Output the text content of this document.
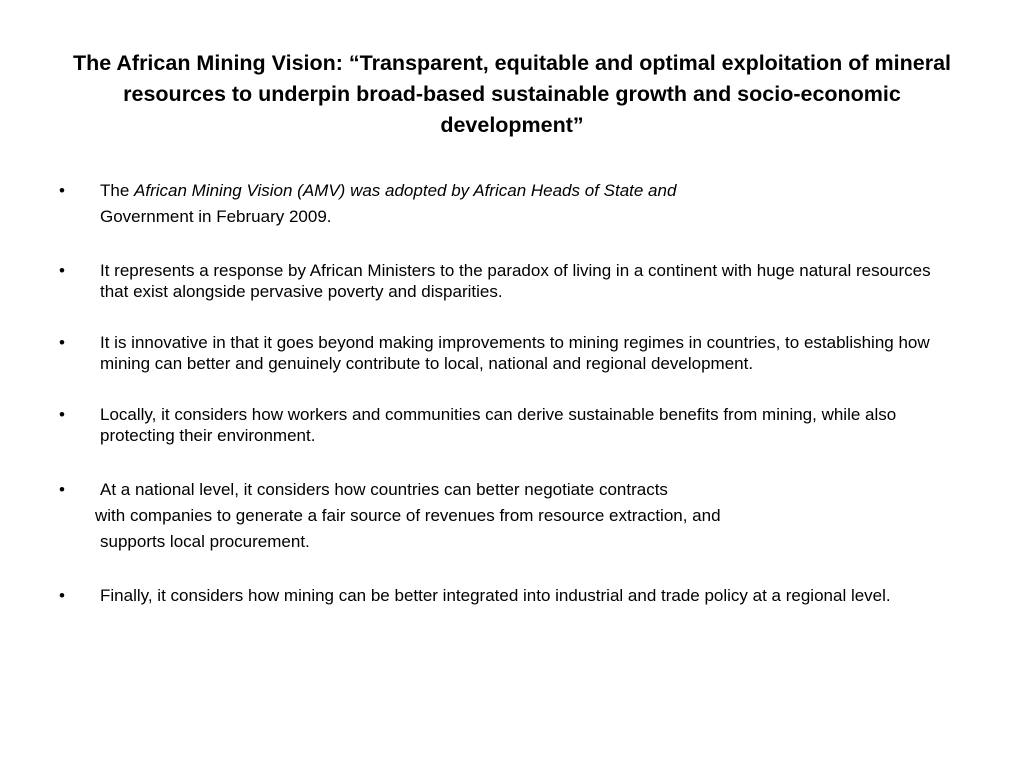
The African Mining Vision: “Transparent, equitable and optimal exploitation of mineral resources to underpin broad-based sustainable growth and socio-economic development”
• The African Mining Vision (AMV) was adopted by African Heads of State and
Government in February 2009.
• It represents a response by African Ministers to the paradox of living in a continent with huge natural resources that exist alongside pervasive poverty and disparities.
• It is innovative in that it goes beyond making improvements to mining regimes in countries, to establishing how mining can better and genuinely contribute to local, national and regional development.
• Locally, it considers how workers and communities can derive sustainable benefits from mining, while also protecting their environment.
• At a national level, it considers how countries can better negotiate contracts
with companies to generate a fair source of revenues from resource extraction, and
supports local procurement.
• Finally, it considers how mining can be better integrated into industrial and trade policy at a regional level.
